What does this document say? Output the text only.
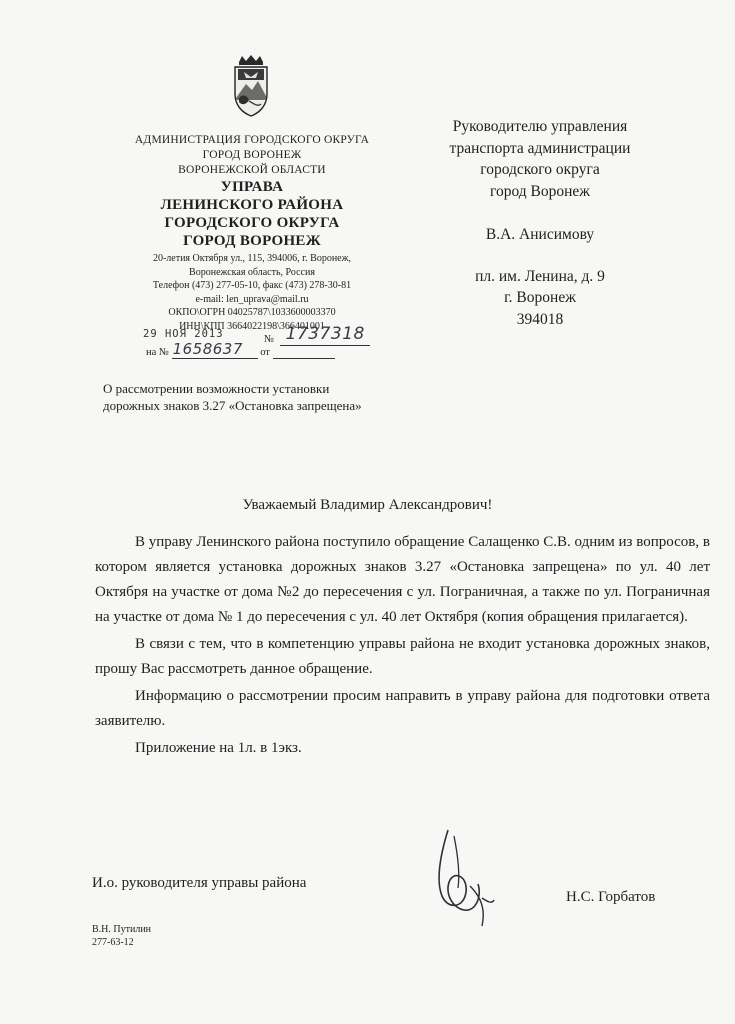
АДМИНИСТРАЦИЯ ГОРОДСКОГО ОКРУГА
ГОРОД ВОРОНЕЖ
ВОРОНЕЖСКОЙ ОБЛАСТИ
УПРАВА
ЛЕНИНСКОГО РАЙОНА
ГОРОДСКОГО ОКРУГА
ГОРОД ВОРОНЕЖ
20-летия Октября ул., 115, 394006, г. Воронеж,
Воронежская область, Россия
Телефон (473) 277-05-10, факс (473) 278-30-81
e-mail: len_uprava@mail.ru
ОКПО\ОГРН 04025787\1033600003370
ИНН\КПП 3664022198\366401001
29 НОЯ 2013	№ 1737318

на № 1658637 от
Руководителю управления
транспорта администрации
городского округа
город Воронеж
В.А. Анисимову
пл. им. Ленина, д. 9
г. Воронеж
394018
О рассмотрении возможности установки
дорожных знаков 3.27 «Остановка запрещена»
Уважаемый Владимир Александрович!

В управу Ленинского района поступило обращение Салащенко С.В. одним из вопросов, в котором является установка дорожных знаков 3.27 «Остановка запрещена» по ул. 40 лет Октября на участке от дома №2 до пересечения с ул. Пограничная, а также по ул. Пограничная на участке от дома № 1 до пересечения с ул. 40 лет Октября (копия обращения прилагается).

В связи с тем, что в компетенцию управы района не входит установка дорожных знаков, прошу Вас рассмотреть данное обращение.

Информацию о рассмотрении просим направить в управу района для подготовки ответа заявителю.

Приложение на 1л. в 1экз.

И.о. руководителя управы района
Н.С. Горбатов
В.Н. Путилин
277-63-12
